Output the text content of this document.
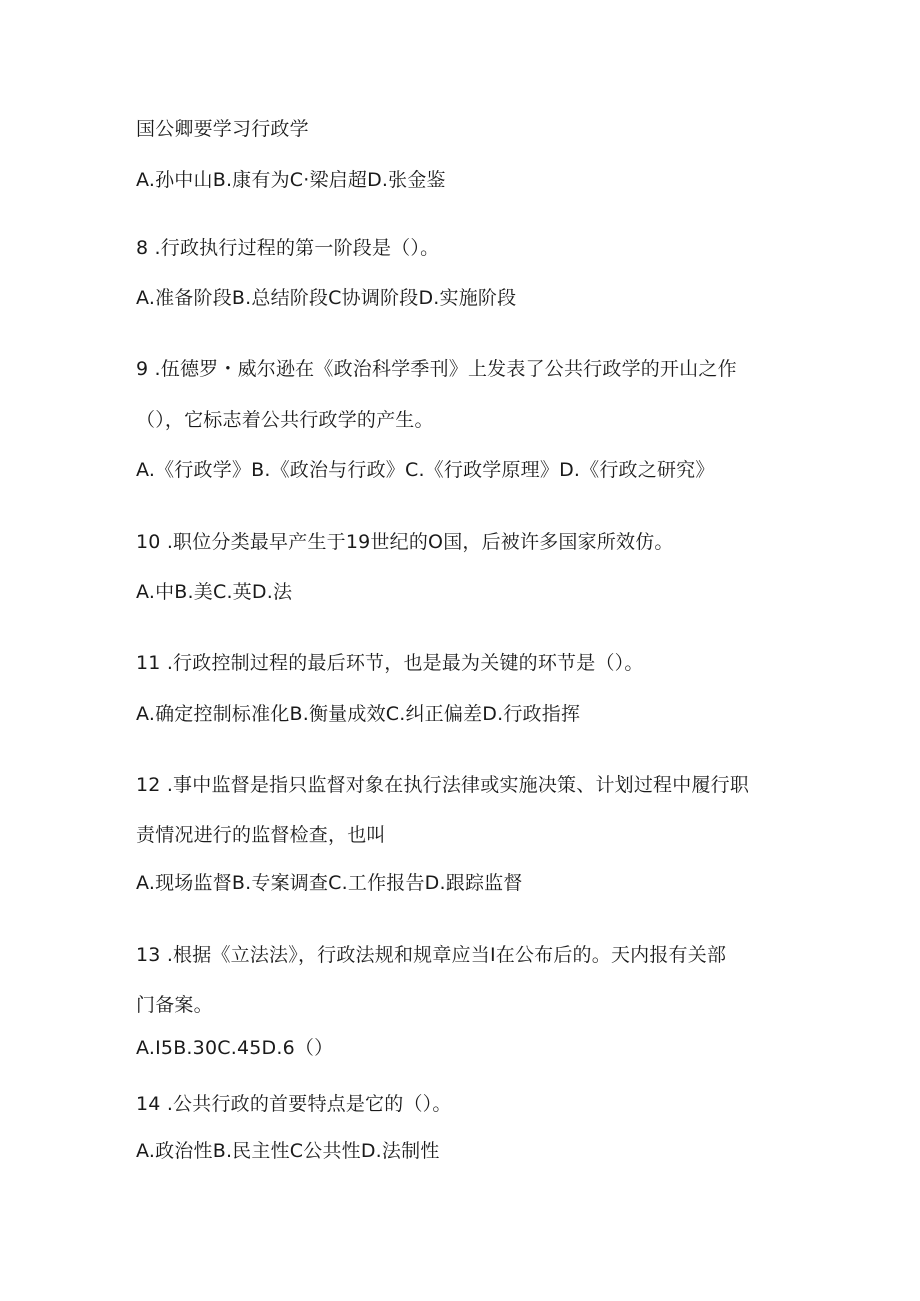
国公卿要学习行政学
A.孙中山B.康有为C·梁启超D.张金鉴
8 .行政执行过程的第一阶段是（）。
A.准备阶段B.总结阶段C协调阶段D.实施阶段
9 .伍德罗・威尔逊在《政治科学季刊》上发表了公共行政学的开山之作
（），它标志着公共行政学的产生。
A.《行政学》B.《政治与行政》C.《行政学原理》D.《行政之研究》
10 .职位分类最早产生于19世纪的O国，后被许多国家所效仿。
A.中B.美C.英D.法
11 .行政控制过程的最后环节，也是最为关键的环节是（）。
A.确定控制标准化B.衡量成效C.纠正偏差D.行政指挥
12 .事中监督是指只监督对象在执行法律或实施决策、计划过程中履行职
责情况进行的监督检查，也叫
A.现场监督B.专案调查C.工作报告D.跟踪监督
13 .根据《立法法》，行政法规和规章应当I在公布后的。天内报有关部
门备案。
A.I5B.30C.45D.6（）
14 .公共行政的首要特点是它的（）。
A.政治性B.民主性C公共性D.法制性
